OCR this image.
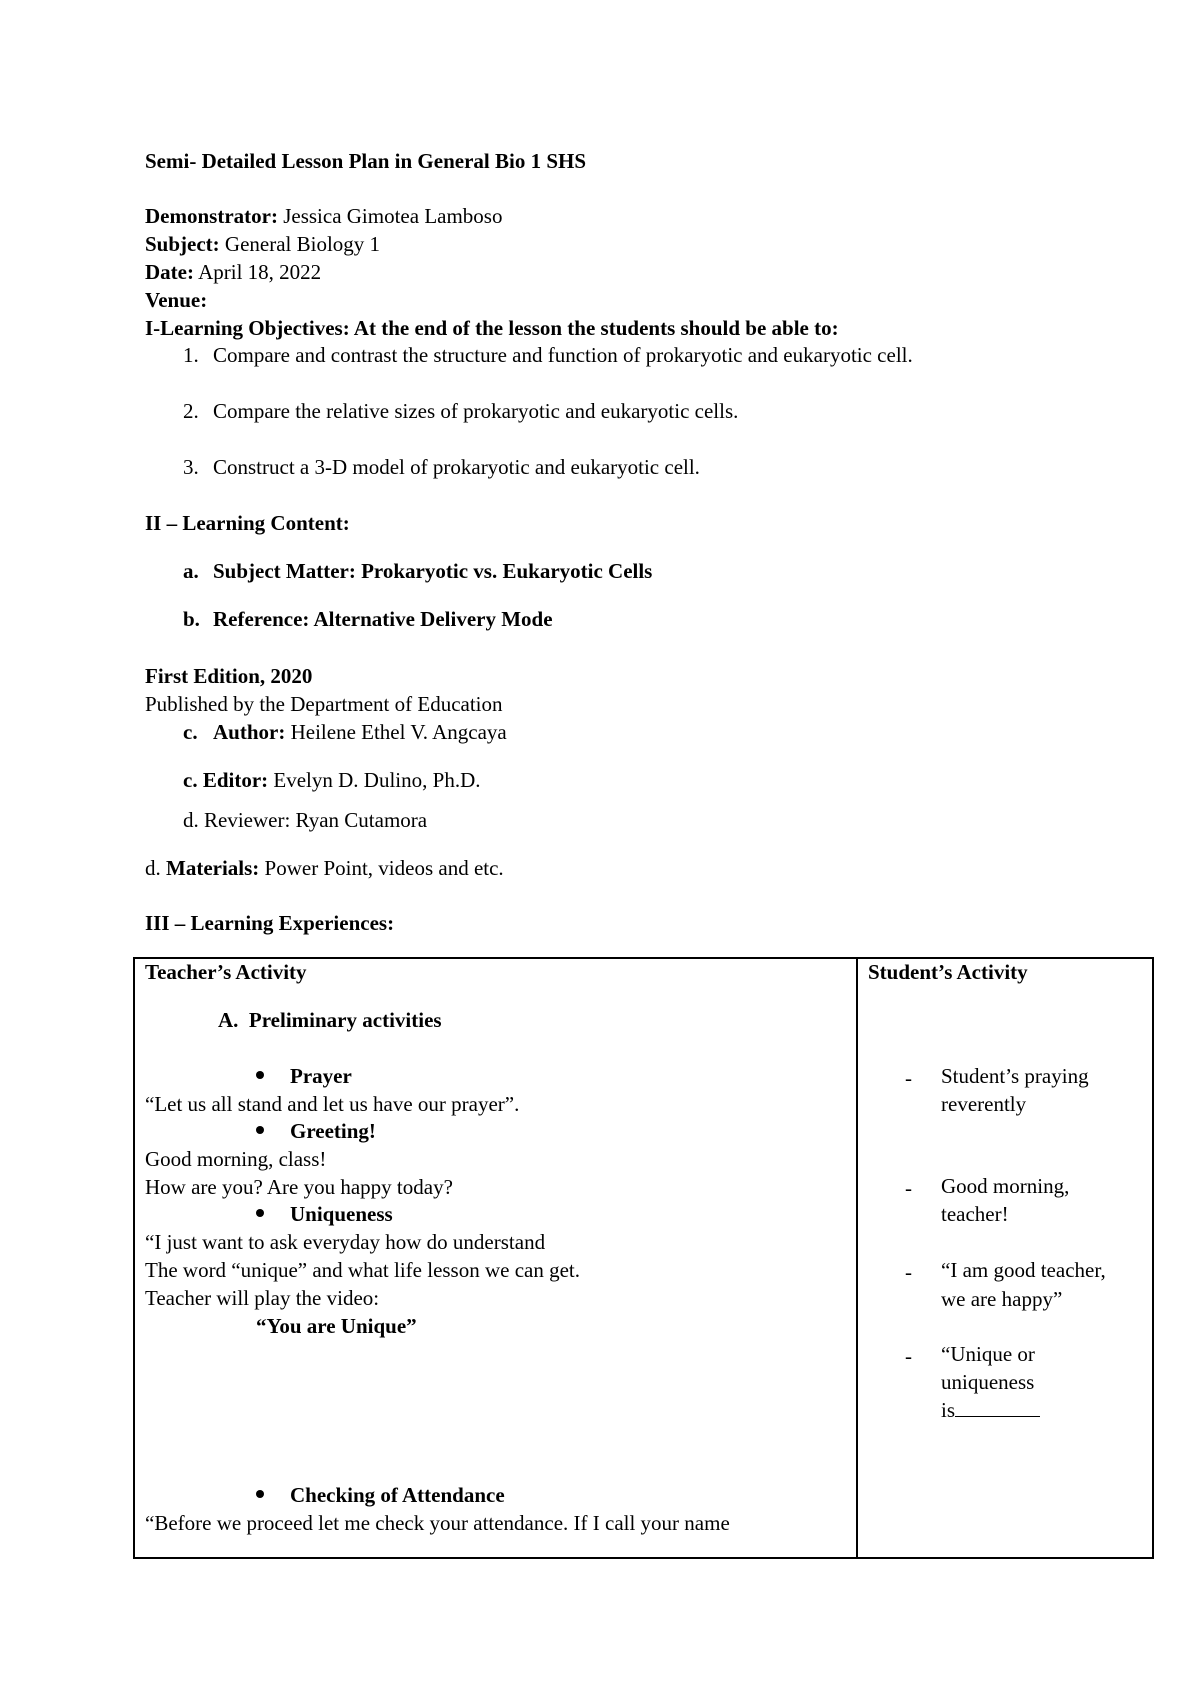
Semi- Detailed Lesson Plan in General Bio 1 SHS
Demonstrator: Jessica Gimotea Lamboso
Subject: General Biology 1
Date: April 18, 2022
Venue:
I-Learning Objectives: At the end of the lesson the students should be able to:
1. Compare and contrast the structure and function of prokaryotic and eukaryotic cell.
2. Compare the relative sizes of prokaryotic and eukaryotic cells.
3. Construct a 3-D model of prokaryotic and eukaryotic cell.
II – Learning Content:
a. Subject Matter: Prokaryotic vs. Eukaryotic Cells
b. Reference: Alternative Delivery Mode
First Edition, 2020
Published by the Department of Education
c. Author: Heilene Ethel V. Angcaya
c. Editor: Evelyn D. Dulino, Ph.D.
d. Reviewer: Ryan Cutamora
d. Materials: Power Point, videos and etc.
III – Learning Experiences:
Teacher’s Activity
A.  Preliminary activities
Prayer
“Let us all stand and let us have our prayer”.
Greeting!
Good morning, class!
How are you? Are you happy today?
Uniqueness
“I just want to ask everyday how do understand
The word “unique” and what life lesson we can get.
Teacher will play the video:
“You are Unique”
Checking of Attendance
“Before we proceed let me check your attendance. If I call your name
Student’s Activity
- Student’s praying
reverently
- Good morning,
teacher!
- “I am good teacher,
we are happy”
- “Unique or
uniqueness
is
